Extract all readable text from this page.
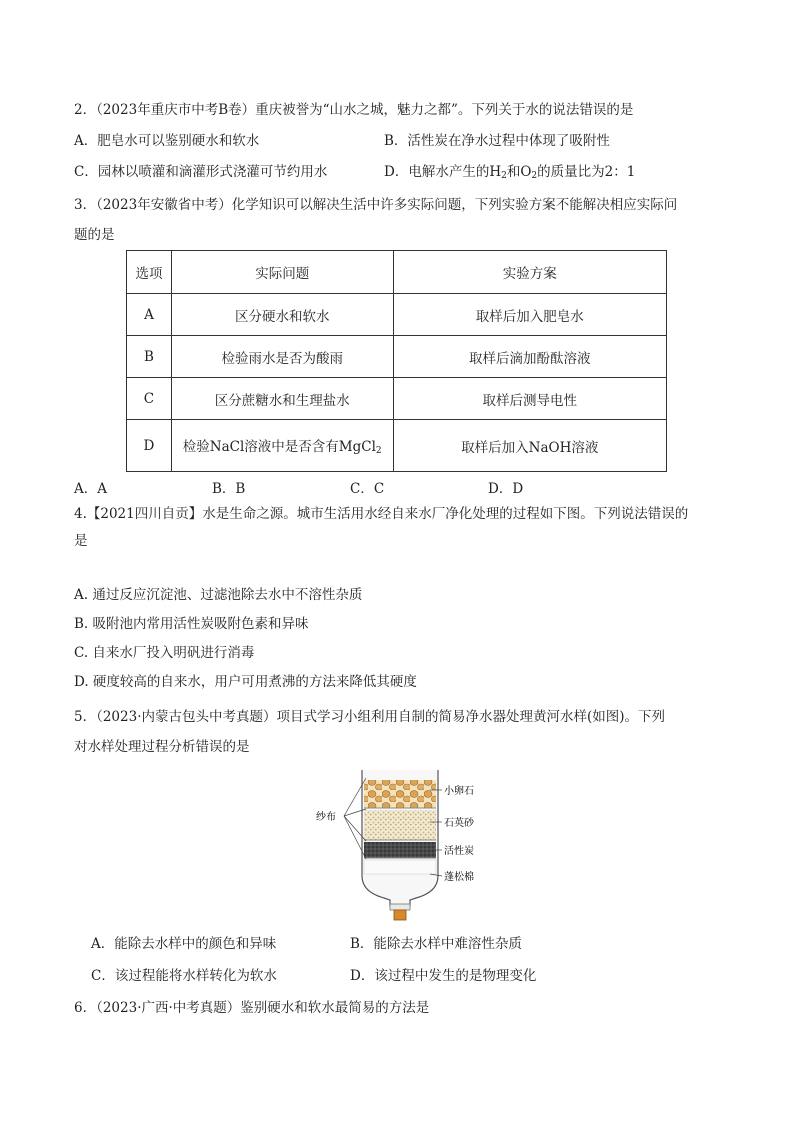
2．（2023年重庆市中考B卷）重庆被誉为“山水之城，魅力之都”。下列关于水的说法错误的是
A．肥皂水可以鉴别硬水和软水	B．活性炭在净水过程中体现了吸附性
C．园林以喷灌和滴灌形式浇灌可节约用水	D．电解水产生的$H_2$和$O_2$的质量比为2：1
3．（2023年安徽省中考）化学知识可以解决生活中许多实际问题，下列实验方案不能解决相应实际问
题的是
选项	实际问题	实验方案
A	区分硬水和软水	取样后加入肥皂水
B	检验雨水是否为酸雨	取样后滴加酚酞溶液
C	区分蔗糖水和生理盐水	取样后测导电性
D	检验NaCl溶液中是否含有MgCl$_2$	取样后加入NaOH溶液
A．A	B．B	C．C	D．D
4.【2021四川自贡】水是生命之源。城市生活用水经自来水厂净化处理的过程如下图。下列说法错误的
是
A. 通过反应沉淀池、过滤池除去水中不溶性杂质
B. 吸附池内常用活性炭吸附色素和异味
C. 自来水厂投入明矾进行消毒
D. 硬度较高的自来水，用户可用煮沸的方法来降低其硬度
5．（2023·内蒙古包头中考真题）项目式学习小组利用自制的简易净水器处理黄河水样(如图)。下列
对水样处理过程分析错误的是
纱布
小卵石
石英砂
活性炭
蓬松棉
A．能除去水样中的颜色和异味	B．能除去水样中难溶性杂质
C．该过程能将水样转化为软水	D．该过程中发生的是物理变化
6．（2023·广西·中考真题）鉴别硬水和软水最简易的方法是
